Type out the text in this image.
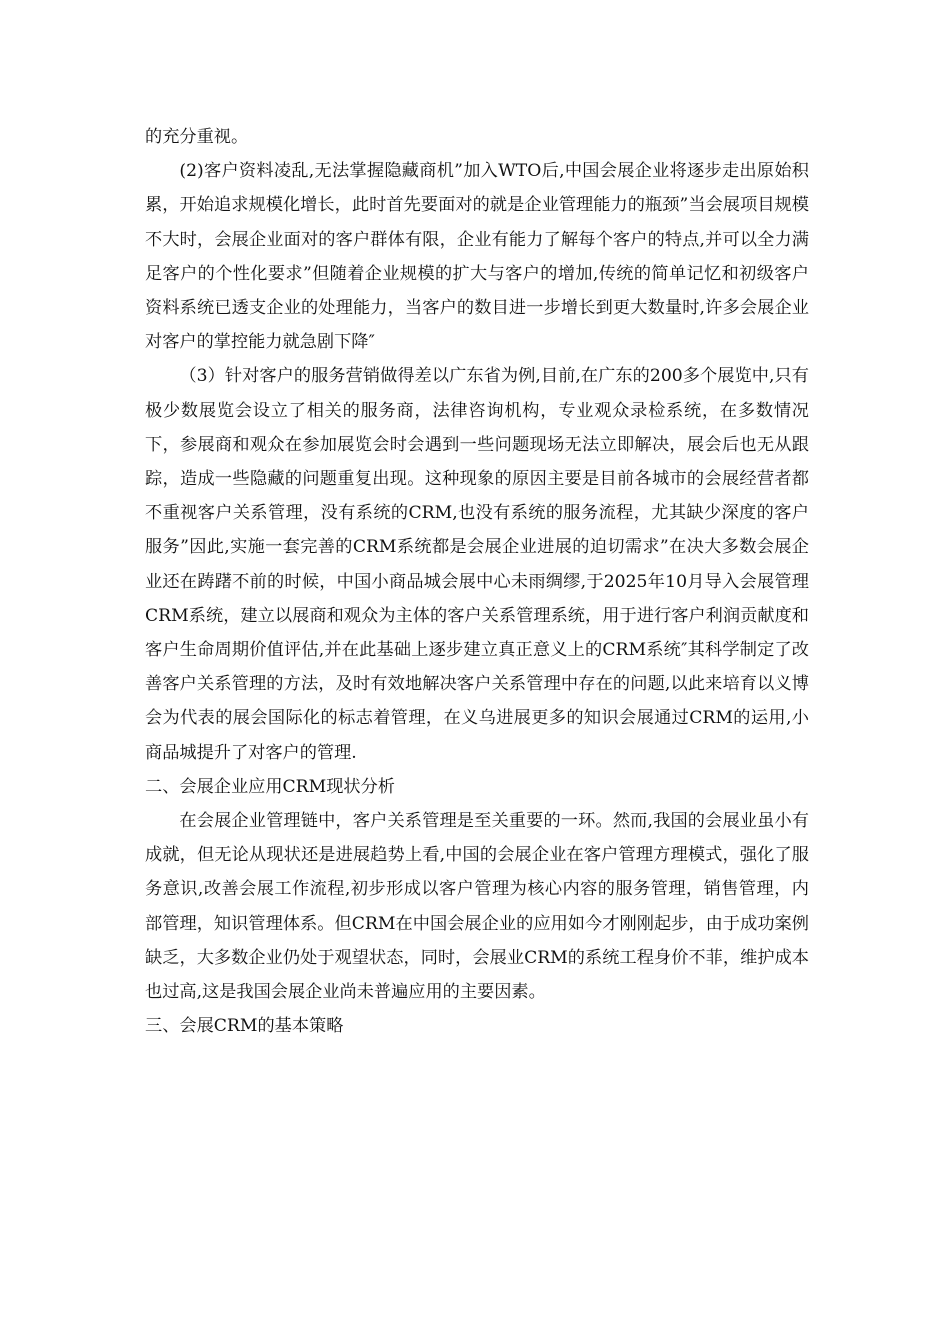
的充分重视。

(2)客户资料凌乱,无法掌握隐藏商机”加入WTO后,中国会展企业将逐步走出原始积累，开始追求规模化增长，此时首先要面对的就是企业管理能力的瓶颈”当会展项目规模不大时，会展企业面对的客户群体有限，企业有能力了解每个客户的特点,并可以全力满足客户的个性化要求”但随着企业规模的扩大与客户的增加,传统的简单记忆和初级客户资料系统已透支企业的处理能力，当客户的数目进一步增长到更大数量时,许多会展企业对客户的掌控能力就急剧下降″

（3）针对客户的服务营销做得差以广东省为例,目前,在广东的200多个展览中,只有极少数展览会设立了相关的服务商，法律咨询机构，专业观众录检系统，在多数情况下，参展商和观众在参加展览会时会遇到一些问题现场无法立即解决，展会后也无从跟踪，造成一些隐藏的问题重复出现。这种现象的原因主要是目前各城市的会展经营者都不重视客户关系管理，没有系统的CRM,也没有系统的服务流程，尤其缺少深度的客户服务”因此,实施一套完善的CRM系统都是会展企业进展的迫切需求”在决大多数会展企业还在踌躇不前的时候，中国小商品城会展中心未雨绸缪,于2025年10月导入会展管理CRM系统，建立以展商和观众为主体的客户关系管理系统，用于进行客户利润贡献度和客户生命周期价值评估,并在此基础上逐步建立真正意义上的CRM系统″其科学制定了改善客户关系管理的方法，及时有效地解决客户关系管理中存在的问题,以此来培育以义博会为代表的展会国际化的标志着管理，在义乌进展更多的知识会展通过CRM的运用,小商品城提升了对客户的管理.

二、会展企业应用CRM现状分析

在会展企业管理链中，客户关系管理是至关重要的一环。然而,我国的会展业虽小有成就，但无论从现状还是进展趋势上看,中国的会展企业在客户管理方理模式，强化了服务意识,改善会展工作流程,初步形成以客户管理为核心内容的服务管理，销售管理，内部管理，知识管理体系。但CRM在中国会展企业的应用如今才刚刚起步，由于成功案例缺乏，大多数企业仍处于观望状态，同时，会展业CRM的系统工程身价不菲，维护成本也过高,这是我国会展企业尚未普遍应用的主要因素。

三、会展CRM的基本策略
